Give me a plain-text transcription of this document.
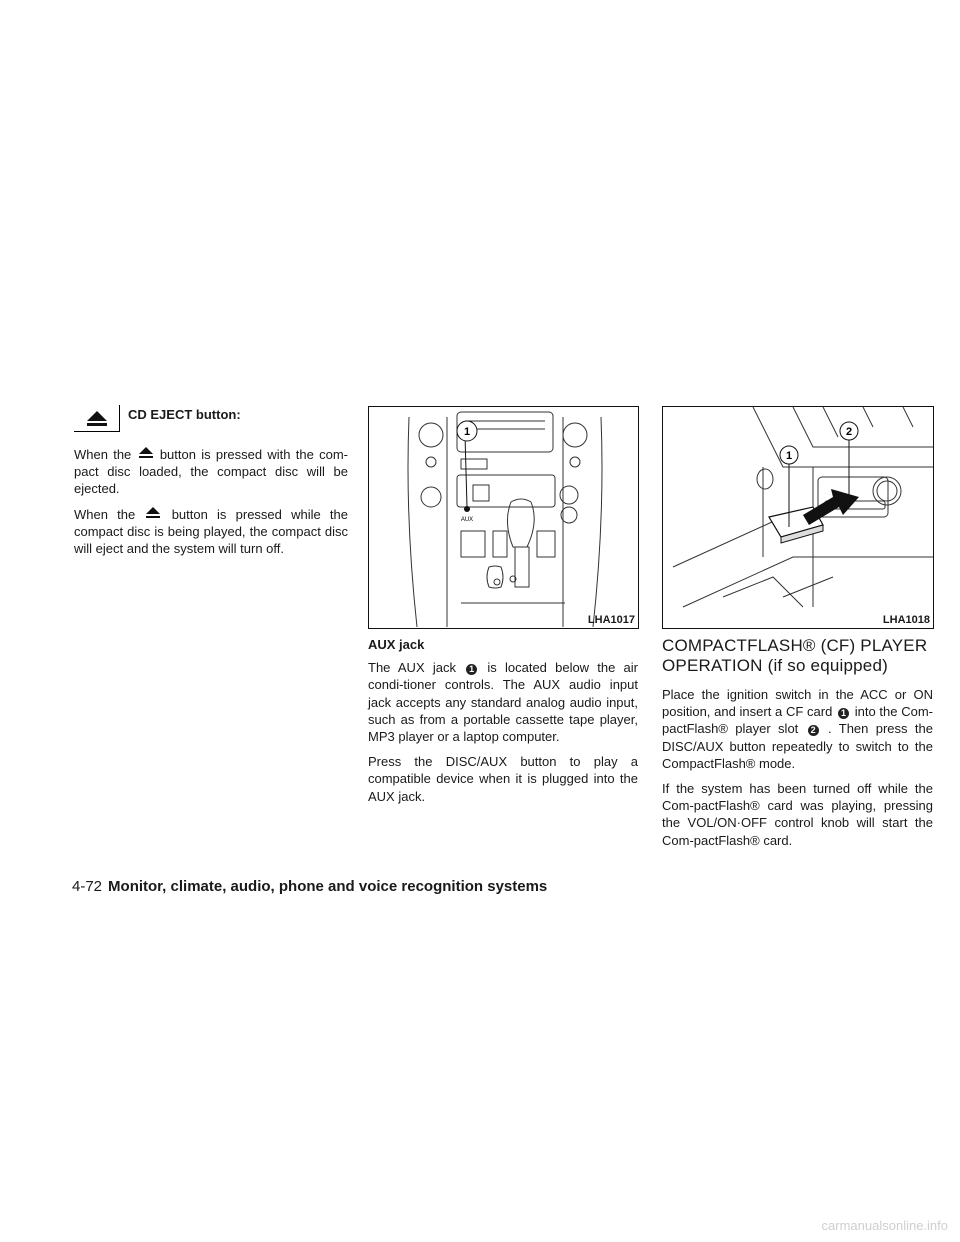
CD EJECT button:

When the button is pressed with the com-pact disc loaded, the compact disc will be ejected.

When the	button is pressed while the compact disc is being played, the compact disc will eject and the system will turn off.

1
AUX
LHA1017
1
2
LHA1018
AUX jack

The AUX jack 1 is located below the air condi-tioner controls. The AUX audio input jack accepts any standard analog audio input, such as from a portable cassette tape player, MP3 player or a laptop computer.

Press the DISC/AUX button to play a compatible device when it is plugged into the AUX jack.

COMPACTFLASH® (CF) PLAYER OPERATION (if so equipped)

Place the ignition switch in the ACC or ON position, and insert a CF card 1 into the Com-pactFlash® player slot 2 . Then press the DISC/AUX button repeatedly to switch to the CompactFlash® mode.

If the system has been turned off while the Com-pactFlash® card was playing, pressing the VOL/ON·OFF control knob will start the Com-pactFlash® card.

4-72 Monitor, climate, audio, phone and voice recognition systems
carmanualsonline.info
